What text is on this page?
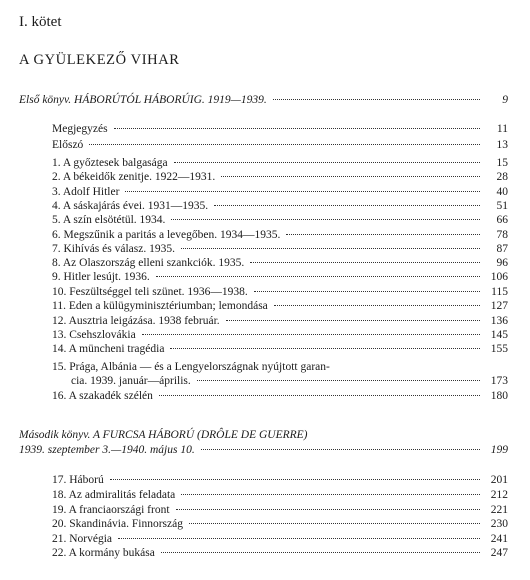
I. kötet
A GYÜLEKEZŐ VIHAR
Első könyv. HÁBORÚTÓL HÁBORÚIG. 1919—1939.	9
Megjegyzés	11
Előszó	13
1. A győztesek balgasága	15
2. A békeidők zenitje. 1922—1931.	28
3. Adolf Hitler	40
4. A sáskajárás évei. 1931—1935.	51
5. A szín elsötétül. 1934.	66
6. Megszűnik a paritás a levegőben. 1934—1935.	78
7. Kihívás és válasz. 1935.	87
8. Az Olaszország elleni szankciók. 1935.	96
9. Hitler lesújt. 1936.	106
10. Feszültséggel teli szünet. 1936—1938.	115
11. Eden a külügyminisztériumban; lemondása	127
12. Ausztria leigázása. 1938 február.	136
13. Csehszlovákia	145
14. A müncheni tragédia	155
15. Prága, Albánia — és a Lengyelországnak nyújtott garan-
cia. 1939. január—április.	173
16. A szakadék szélén	180
Második könyv. A FURCSA HÁBORÚ (DRÔLE DE GUERRE)
1939. szeptember 3.—1940. május 10.	199
17. Háború	201
18. Az admiralitás feladata	212
19. A franciaországi front	221
20. Skandinávia. Finnország	230
21. Norvégia	241
22. A kormány bukása	247
